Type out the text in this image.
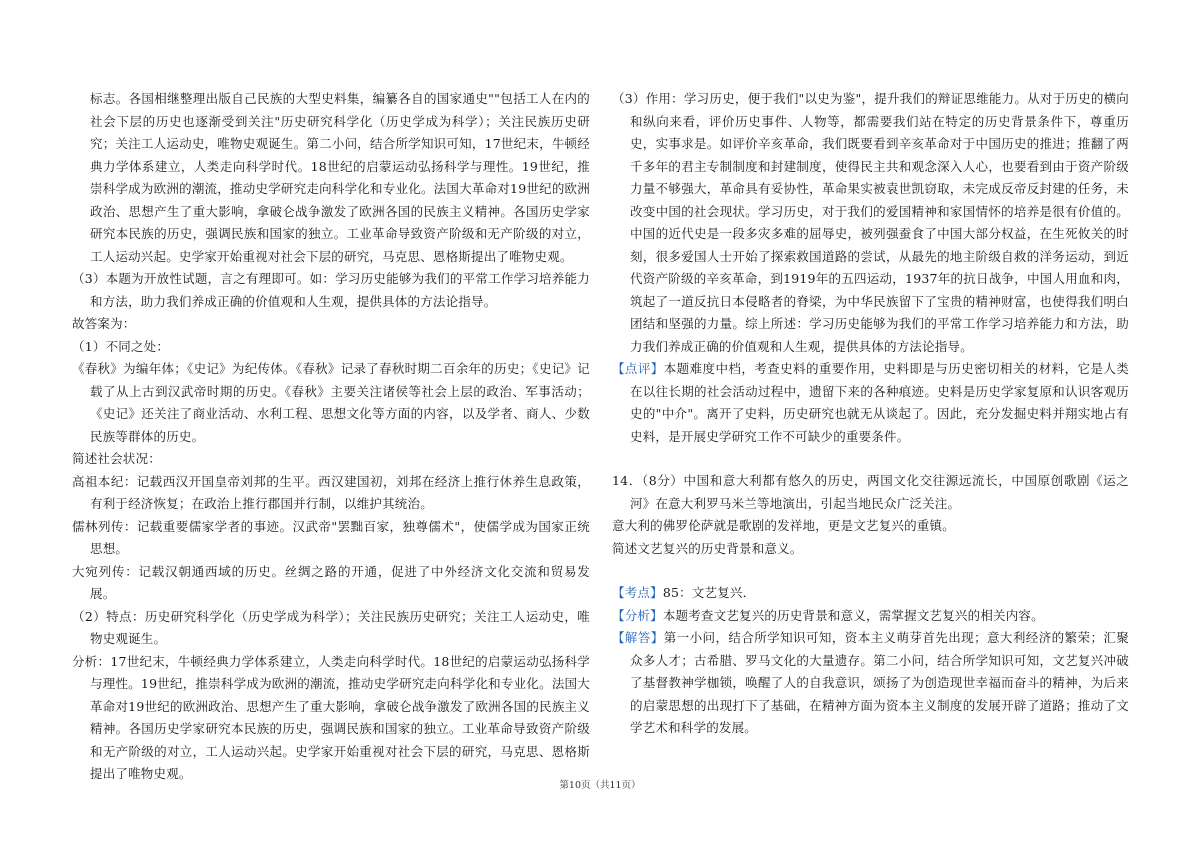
标志。各国相继整理出版自己民族的大型史料集，编纂各自的国家通史""包括工人在内的社会下层的历史也逐渐受到关注"历史研究科学化（历史学成为科学）；关注民族历史研究；关注工人运动史，唯物史观诞生。第二小问，结合所学知识可知，17世纪末，牛顿经典力学体系建立，人类走向科学时代。18世纪的启蒙运动弘扬科学与理性。19世纪，推崇科学成为欧洲的潮流，推动史学研究走向科学化和专业化。法国大革命对19世纪的欧洲政治、思想产生了重大影响，拿破仑战争激发了欧洲各国的民族主义精神。各国历史学家研究本民族的历史，强调民族和国家的独立。工业革命导致资产阶级和无产阶级的对立，工人运动兴起。史学家开始重视对社会下层的研究，马克思、恩格斯提出了唯物史观。

（3）本题为开放性试题，言之有理即可。如：学习历史能够为我们的平常工作学习培养能力和方法，助力我们养成正确的价值观和人生观，提供具体的方法论指导。

故答案为：

（1）不同之处：

《春秋》为编年体；《史记》为纪传体。《春秋》记录了春秋时期二百余年的历史；《史记》记载了从上古到汉武帝时期的历史。《春秋》主要关注诸侯等社会上层的政治、军事活动；《史记》还关注了商业活动、水利工程、思想文化等方面的内容，以及学者、商人、少数民族等群体的历史。

简述社会状况：

高祖本纪：记载西汉开国皇帝刘邦的生平。西汉建国初，刘邦在经济上推行休养生息政策，有利于经济恢复；在政治上推行郡国并行制，以维护其统治。

儒林列传：记载重要儒家学者的事迹。汉武帝"罢黜百家，独尊儒术"，使儒学成为国家正统思想。

大宛列传：记载汉朝通西域的历史。丝绸之路的开通，促进了中外经济文化交流和贸易发展。

（2）特点：历史研究科学化（历史学成为科学）；关注民族历史研究；关注工人运动史，唯物史观诞生。

分析：17世纪末，牛顿经典力学体系建立，人类走向科学时代。18世纪的启蒙运动弘扬科学与理性。19世纪，推崇科学成为欧洲的潮流，推动史学研究走向科学化和专业化。法国大革命对19世纪的欧洲政治、思想产生了重大影响，拿破仑战争激发了欧洲各国的民族主义精神。各国历史学家研究本民族的历史，强调民族和国家的独立。工业革命导致资产阶级和无产阶级的对立，工人运动兴起。史学家开始重视对社会下层的研究，马克思、恩格斯提出了唯物史观。

（3）作用：学习历史，便于我们"以史为鉴"，提升我们的辩证思维能力。从对于历史的横向和纵向来看，评价历史事件、人物等，都需要我们站在特定的历史背景条件下，尊重历史，实事求是。如评价辛亥革命，我们既要看到辛亥革命对于中国历史的推进；推翻了两千多年的君主专制制度和封建制度，使得民主共和观念深入人心，也要看到由于资产阶级力量不够强大，革命具有妥协性，革命果实被袁世凯窃取，未完成反帝反封建的任务，未改变中国的社会现状。学习历史，对于我们的爱国精神和家国情怀的培养是很有价值的。中国的近代史是一段多灾多难的屈辱史，被列强蚕食了中国大部分权益，在生死攸关的时刻，很多爱国人士开始了探索救国道路的尝试，从最先的地主阶级自救的洋务运动，到近代资产阶级的辛亥革命，到1919年的五四运动，1937年的抗日战争，中国人用血和肉，筑起了一道反抗日本侵略者的脊梁，为中华民族留下了宝贵的精神财富，也使得我们明白团结和坚强的力量。综上所述：学习历史能够为我们的平常工作学习培养能力和方法，助力我们养成正确的价值观和人生观，提供具体的方法论指导。

【点评】本题难度中档，考查史料的重要作用，史料即是与历史密切相关的材料，它是人类在以往长期的社会活动过程中，遗留下来的各种痕迹。史料是历史学家复原和认识客观历史的"中介"。离开了史料，历史研究也就无从谈起了。因此，充分发掘史料并翔实地占有史料，是开展史学研究工作不可缺少的重要条件。

14．（8分）中国和意大利都有悠久的历史，两国文化交往源远流长，中国原创歌剧《运之河》在意大利罗马米兰等地演出，引起当地民众广泛关注。

意大利的佛罗伦萨就是歌剧的发祥地，更是文艺复兴的重镇。

简述文艺复兴的历史背景和意义。

【考点】85：文艺复兴．

【分析】本题考查文艺复兴的历史背景和意义，需掌握文艺复兴的相关内容。

【解答】第一小问，结合所学知识可知，资本主义萌芽首先出现；意大利经济的繁荣；汇聚众多人才；古希腊、罗马文化的大量遗存。第二小问，结合所学知识可知，文艺复兴冲破了基督教神学枷锁，唤醒了人的自我意识，颂扬了为创造现世幸福而奋斗的精神，为后来的启蒙思想的出现打下了基础，在精神方面为资本主义制度的发展开辟了道路；推动了文学艺术和科学的发展。

第10页（共11页）
